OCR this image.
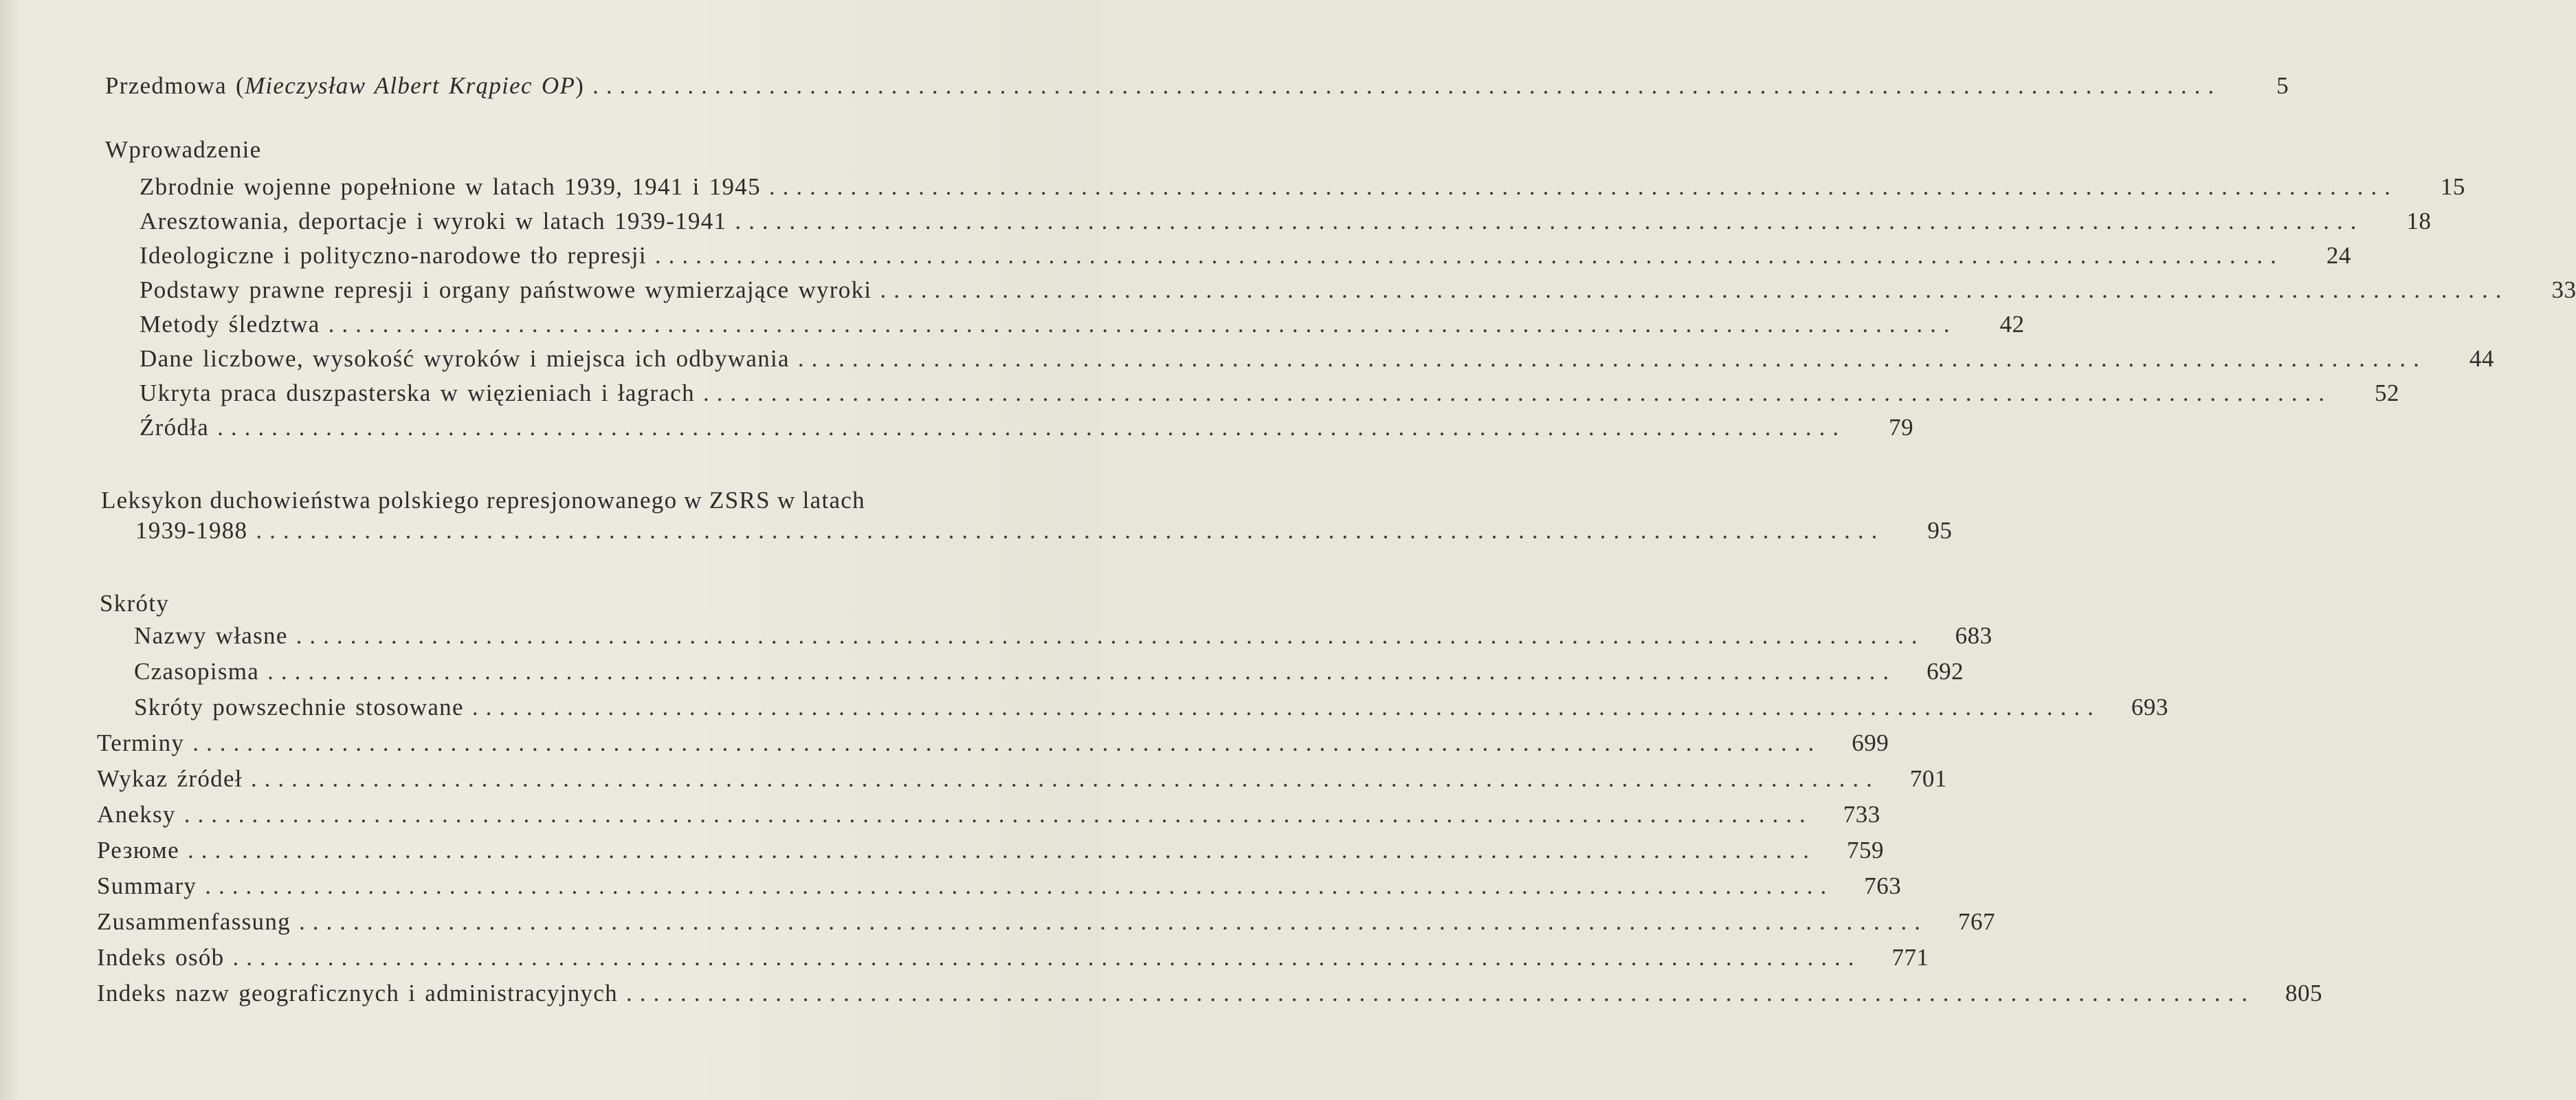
Przedmowa (Mieczysław Albert Krąpiec OP) ........................................................................................................................	5
Wprowadzenie
Zbrodnie wojenne popełnione w latach 1939, 1941 i 1945 ........................................................................................................................	15
Aresztowania, deportacje i wyroki w latach 1939-1941 ........................................................................................................................	18
Ideologiczne i polityczno-narodowe tło represji ........................................................................................................................	24
Podstawy prawne represji i organy państwowe wymierzające wyroki ........................................................................................................................	33
Metody śledztwa ........................................................................................................................	42
Dane liczbowe, wysokość wyroków i miejsca ich odbywania ........................................................................................................................	44
Ukryta praca duszpasterska w więzieniach i łagrach ........................................................................................................................	52
Źródła ........................................................................................................................	79
Leksykon duchowieństwa polskiego represjonowanego w ZSRS w latach
1939-1988 ........................................................................................................................	95
Skróty
Nazwy własne ........................................................................................................................	683
Czasopisma ........................................................................................................................	692
Skróty powszechnie stosowane ........................................................................................................................	693
Terminy ........................................................................................................................	699
Wykaz źródeł ........................................................................................................................	701
Aneksy ........................................................................................................................	733
Резюме ........................................................................................................................	759
Summary ........................................................................................................................	763
Zusammenfassung ........................................................................................................................	767
Indeks osób ........................................................................................................................	771
Indeks nazw geograficznych i administracyjnych ........................................................................................................................	805
